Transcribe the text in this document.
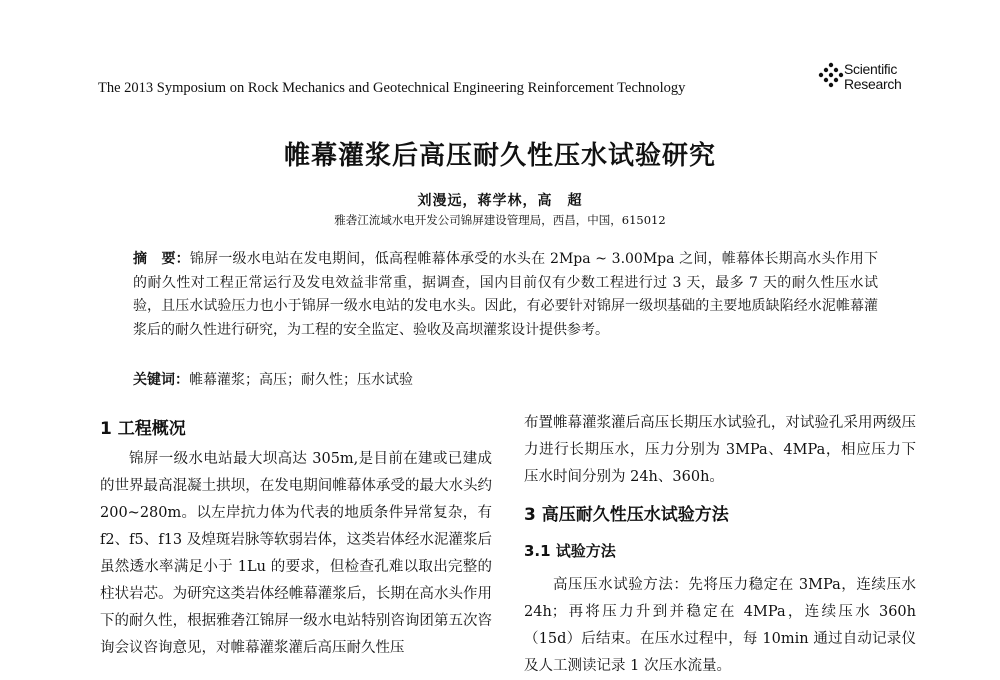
The 2013 Symposium on Rock Mechanics and Geotechnical Engineering Reinforcement Technology
Scientific
Research
帷幕灌浆后高压耐久性压水试验研究
刘漫远，蒋学林，高　超
雅砻江流域水电开发公司锦屏建设管理局，西昌，中国，615012
摘　要：锦屏一级水电站在发电期间，低高程帷幕体承受的水头在 2Mpa ~ 3.00Mpa 之间，帷幕体长期高水头作用下的耐久性对工程正常运行及发电效益非常重，据调查，国内目前仅有少数工程进行过 3 天，最多 7 天的耐久性压水试验，且压水试验压力也小于锦屏一级水电站的发电水头。因此，有必要针对锦屏一级坝基础的主要地质缺陷经水泥帷幕灌浆后的耐久性进行研究，为工程的安全监定、验收及高坝灌浆设计提供参考。
关键词：帷幕灌浆；高压；耐久性；压水试验
1 工程概况

锦屏一级水电站最大坝高达 305m,是目前在建或已建成的世界最高混凝土拱坝，在发电期间帷幕体承受的最大水头约 200~280m。以左岸抗力体为代表的地质条件异常复杂，有 f2、f5、f13 及煌斑岩脉等软弱岩体，这类岩体经水泥灌浆后虽然透水率满足小于 1Lu 的要求，但检查孔难以取出完整的柱状岩芯。为研究这类岩体经帷幕灌浆后，长期在高水头作用下的耐久性，根据雅砻江锦屏一级水电站特别咨询团第五次咨询会议咨询意见，对帷幕灌浆灌后高压耐久性压

布置帷幕灌浆灌后高压长期压水试验孔，对试验孔采用两级压力进行长期压水，压力分别为 3MPa、4MPa，相应压力下压水时间分别为 24h、360h。

3 高压耐久性压水试验方法
3.1 试验方法

高压压水试验方法：先将压力稳定在 3MPa，连续压水 24h；再将压力升到并稳定在 4MPa，连续压水 360h（15d）后结束。在压水过程中，每 10min 通过自动记录仪及人工测读记录 1 次压水流量。
